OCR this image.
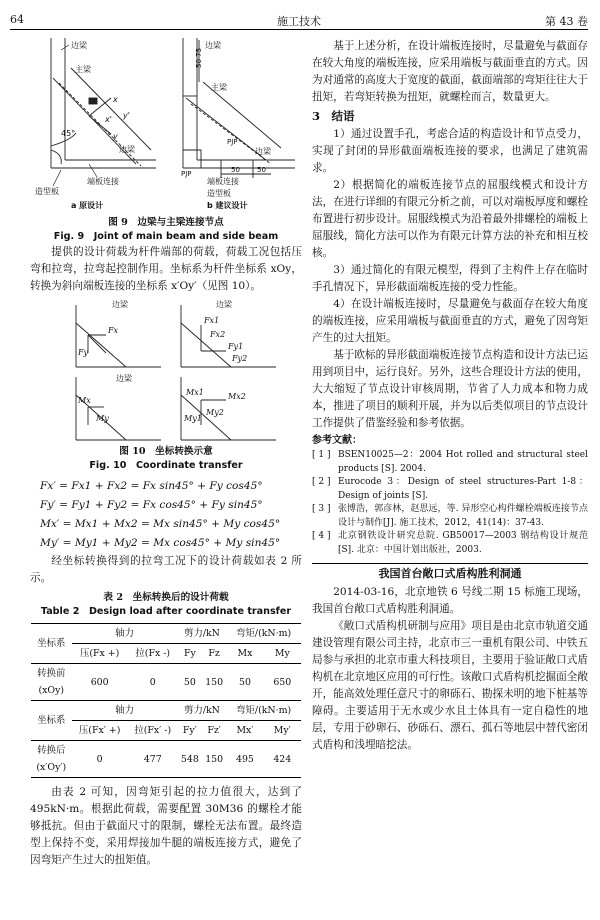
64	施工技术	第 43 卷
边梁
主梁
45°
x
y
x' y'
边梁
造型板
端板连接
a 原设计
边梁
主梁
50 75
PJP
PJP
边梁
50 50
端板连接
造型板
b 建议设计
图 9　边梁与主梁连接节点
Fig. 9　Joint of main beam and side beam

提供的设计荷载为杆件端部的荷载，荷载工况包括压弯和拉弯，拉弯起控制作用。坐标系为杆件坐标系 xOy，转换为斜向端板连接的坐标系 x′Oy′（见图 10）。

边梁	边梁
Fx
Fy
Fx1
Fy1
Fx2
Fy2
边梁
Mx
My
Mx1	Mx2
My1
My2
图 10　坐标转换示意
Fig. 10　Coordinate transfer
Fx′ = Fx1 + Fx2 = Fx sin45° + Fy cos45°
Fy′ = Fy1 + Fy2 = Fx cos45° + Fy sin45°
Mx′ = Mx1 + Mx2 = Mx sin45° + My cos45°
My′ = My1 + My2 = Mx cos45° + My sin45°

经坐标转换得到的拉弯工况下的设计荷载如表 2 所示。

表 2　坐标转换后的设计荷载
Table 2　Design load after coordinate transfer
坐标系	轴力		剪力/kN		弯矩/(kN·m)	
	压(Fx +)	拉(Fx -)	Fy	Fz	Mx	My
转换前
(xOy)	600	0	50	150	50	650
坐标系	轴力		剪力/kN		弯矩/(kN·m)	
	压(Fx′ +)	拉(Fx′ -)	Fy′	Fz′	Mx′	My′
转换后
(x′Oy′)	0	477	548	150	495	424

由表 2 可知，因弯矩引起的拉力值很大，达到了 495kN·m。根据此荷载，需要配置 30M36 的螺栓才能够抵抗。但由于截面尺寸的限制，螺栓无法布置。最终造型上保持不变，采用焊接加牛腿的端板连接方式，避免了因弯矩产生过大的扭矩值。

基于上述分析，在设计端板连接时，尽量避免与截面存在较大角度的端板连接，应采用端板与截面垂直的方式。因为对通常的高度大于宽度的截面，截面端部的弯矩往往大于扭矩，若弯矩转换为扭矩，就螺栓而言，数量更大。

3　结语

1）通过设置手孔，考虑合适的构造设计和节点受力，实现了封闭的异形截面端板连接的要求，也满足了建筑需求。

2）根据简化的端板连接节点的屈服线模式和设计方法，在进行详细的有限元分析之前，可以对端板厚度和螺栓布置进行初步设计。屈服线模式为沿着最外排螺栓的端板上屈服线，简化方法可以作为有限元计算方法的补充和相互校核。

3）通过简化的有限元模型，得到了主构件上存在临时手孔情况下，异形截面端板连接的受力性能。

4）在设计端板连接时，尽量避免与截面存在较大角度的端板连接，应采用端板与截面垂直的方式，避免了因弯矩产生的过大扭矩。

基于欧标的异形截面端板连接节点构造和设计方法已运用到项目中，运行良好。另外，这些合理设计方法的使用，大大缩短了节点设计审核周期，节省了人力成本和物力成本，推进了项目的顺利开展，并为以后类似项目的节点设计工作提供了借鉴经验和参考依据。

参考文献：
[ 1 ] BSEN10025—2：2004 Hot rolled and structural steel products [S]. 2004.
[ 2 ] Eurocode 3：Design of steel structures-Part 1-8：Design of joints [S].
[ 3 ] 张博浩，郭彦林，赵思远，等. 异形空心构件螺栓端板连接节点设计与制作[J]. 施工技术，2012，41(14)：37-43.
[ 4 ] 北京钢铁设计研究总院. GB50017—2003 钢结构设计规范 [S]. 北京：中国计划出版社，2003.
我国首台敞口式盾构胜利洞通

2014-03-16，北京地铁 6 号线二期 15 标施工现场，我国首台敞口式盾构胜利洞通。

《敞口式盾构机研制与应用》项目是由北京市轨道交通建设管理有限公司主持，北京市三一重机有限公司、中铁五局参与承担的北京市重大科技项目，主要用于验证敞口式盾构机在北京地区应用的可行性。该敞口式盾构机挖掘面全敞开，能高效处理任意尺寸的卵砾石、勘探未明的地下桩基等障碍。主要适用于无水或少水且土体具有一定自稳性的地层，专用于砂卵石、砂砾石、漂石、孤石等地层中替代密闭式盾构和浅埋暗挖法。
